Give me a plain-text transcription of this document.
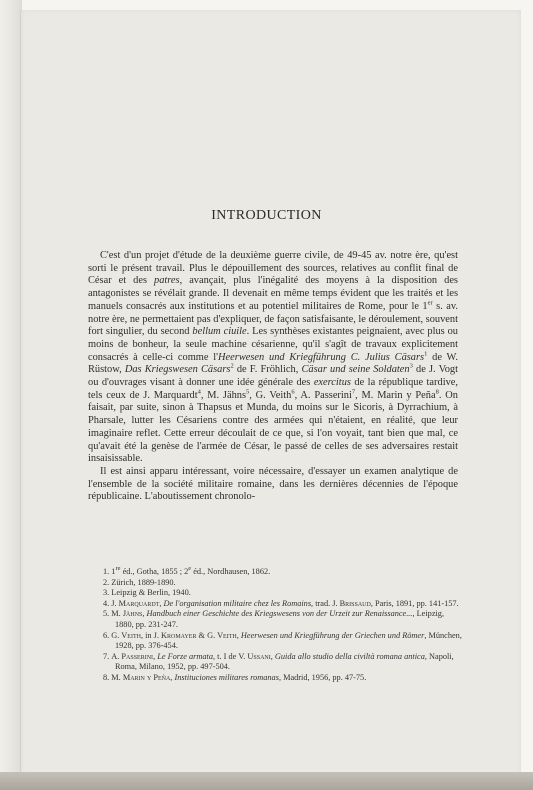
INTRODUCTION

C'est d'un projet d'étude de la deuxième guerre civile, de 49-45 av. notre ère, qu'est sorti le présent travail. Plus le dépouillement des sources, relatives au conflit final de César et des patres, avançait, plus l'inégalité des moyens à la disposition des antagonistes se révélait grande. Il devenait en même temps évident que les traités et les manuels consacrés aux institutions et au potentiel militaires de Rome, pour le 1er s. av. notre ère, ne permettaient pas d'expliquer, de façon satisfaisante, le déroulement, souvent fort singulier, du second bellum ciuile. Les synthèses existantes peignaient, avec plus ou moins de bonheur, la seule machine césarienne, qu'il s'agît de travaux explicitement consacrés à celle-ci comme l'Heerwesen und Kriegführung C. Julius Cäsars$^1$ de W. Rüstow, Das Kriegswesen Cäsars$^2$ de F. Fröhlich, Cäsar und seine Soldaten$^3$ de J. Vogt ou d'ouvrages visant à donner une idée générale des exercitus de la république tardive, tels ceux de J. Marquardt$^4$, M. Jähns$^5$, G. Veith$^6$, A. Passerini$^7$, M. Marin y Peña$^8$. On faisait, par suite, sinon à Thapsus et Munda, du moins sur le Sicoris, à Dyrrachium, à Pharsale, lutter les Césariens contre des armées qui n'étaient, en réalité, que leur imaginaire reflet. Cette erreur découlait de ce que, si l'on voyait, tant bien que mal, ce qu'avait été la genèse de l'armée de César, le passé de celles de ses adversaires restait insaisissable.

Il est ainsi apparu intéressant, voire nécessaire, d'essayer un examen analytique de l'ensemble de la société militaire romaine, dans les dernières décennies de l'époque républicaine. L'aboutissement chronolo-

1. 1re éd., Gotha, 1855 ; 2e éd., Nordhausen, 1862.
2. Zürich, 1889-1890.
3. Leipzig & Berlin, 1940.
4. J. Marquardt, De l'organisation militaire chez les Romains, trad. J. Brissaud, Paris, 1891, pp. 141-157.
5. M. Jähns, Handbuch einer Geschichte des Kriegswesens von der Urzeit zur Renaissance..., Leipzig, 1880, pp. 231-247.
6. G. Veith, in J. Kromayer & G. Veith, Heerwesen und Kriegführung der Griechen und Römer, München, 1928, pp. 376-454.
7. A. Passerini, Le Forze armata, t. I de V. Ussani, Guida allo studio della civiltà romana antica, Napoli, Roma, Milano, 1952, pp. 497-504.
8. M. Marin y Peña, Instituciones militares romanas, Madrid, 1956, pp. 47-75.
